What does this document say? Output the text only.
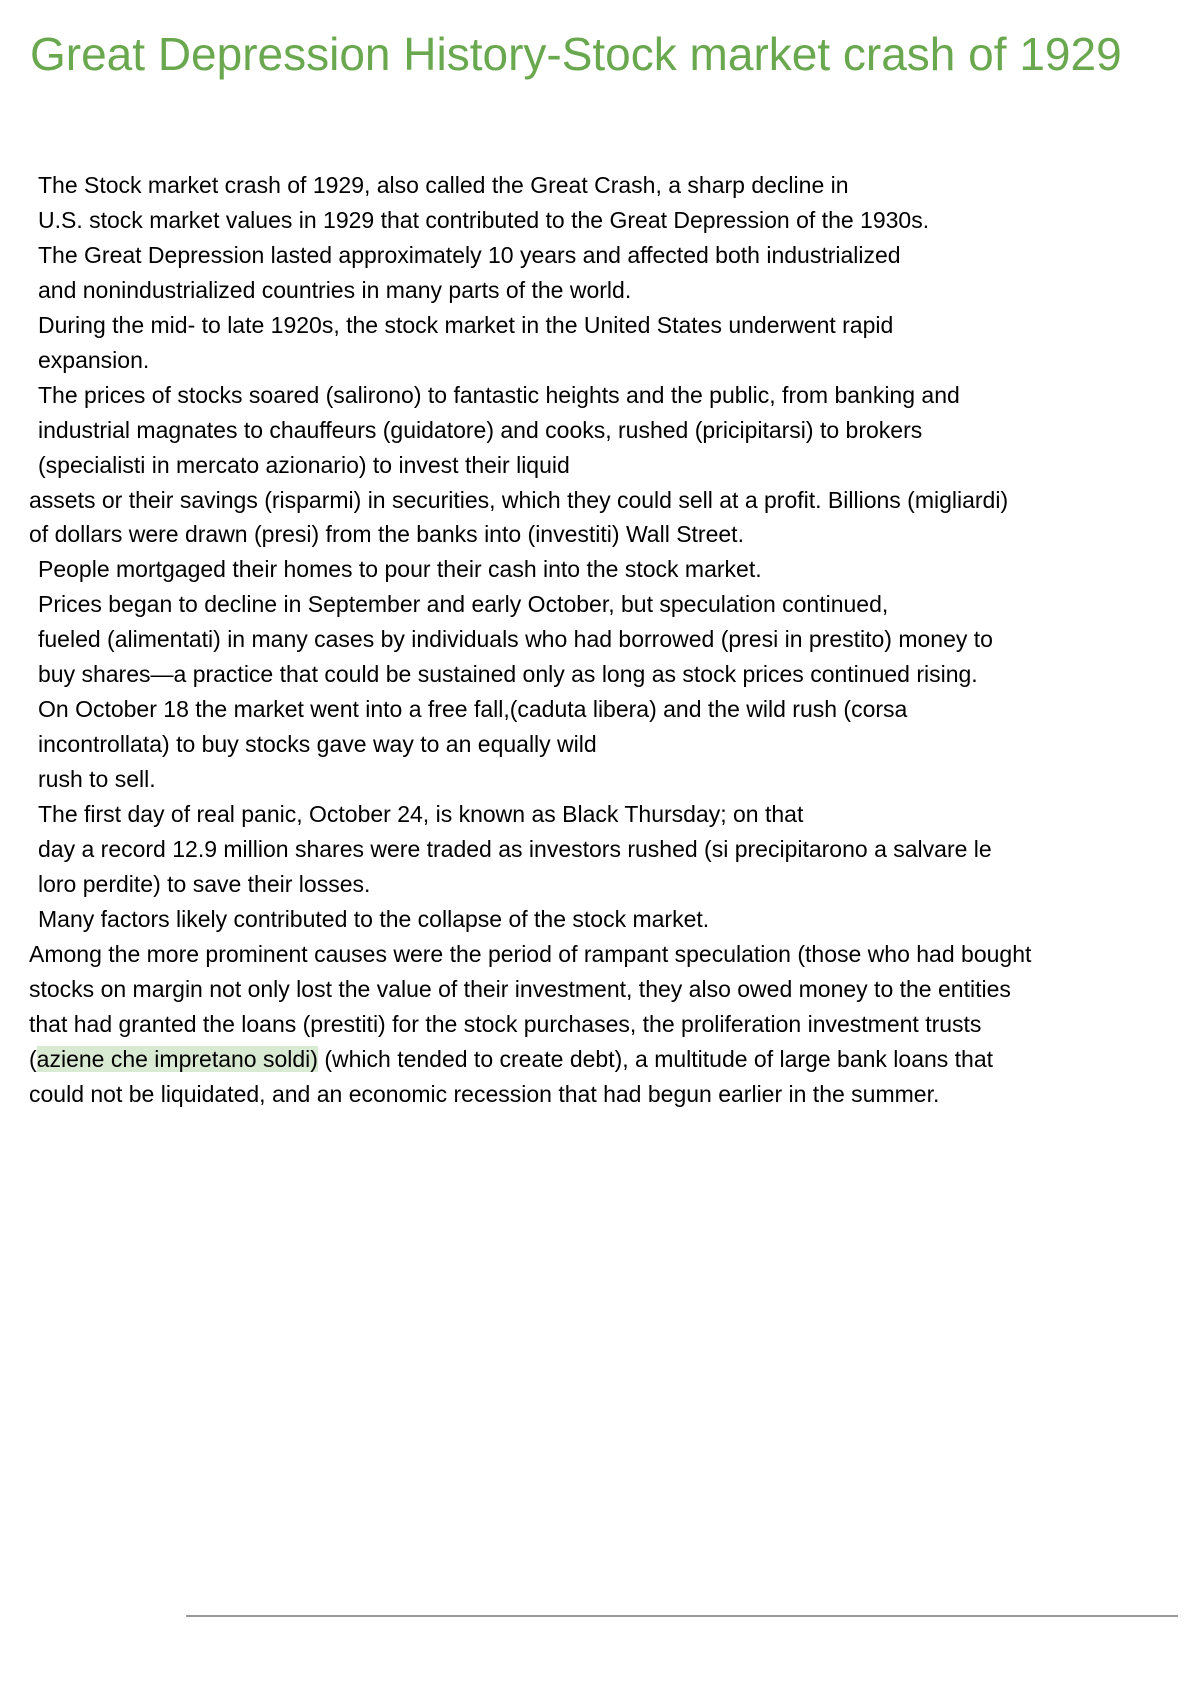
Great Depression History-Stock market crash of 1929
The Stock market crash of 1929, also called the Great Crash, a sharp decline in
U.S. stock market values in 1929 that contributed to the Great Depression of the 1930s.
The Great Depression lasted approximately 10 years and affected both industrialized
and nonindustrialized countries in many parts of the world.
During the mid- to late 1920s, the stock market in the United States underwent rapid
expansion.
The prices of stocks soared (salirono) to fantastic heights and the public, from banking and
industrial magnates to chauffeurs (guidatore) and cooks, rushed (pricipitarsi) to brokers
(specialisti in mercato azionario) to invest their liquid
assets or their savings (risparmi) in securities, which they could sell at a profit. Billions (migliardi)
of dollars were drawn (presi) from the banks into (investiti) Wall Street.
People mortgaged their homes to pour their cash into the stock market.
Prices began to decline in September and early October, but speculation continued,
fueled (alimentati) in many cases by individuals who had borrowed (presi in prestito) money to
buy shares—a practice that could be sustained only as long as stock prices continued rising.
On October 18 the market went into a free fall,(caduta libera) and the wild rush (corsa
incontrollata) to buy stocks gave way to an equally wild
rush to sell.
The first day of real panic, October 24, is known as Black Thursday; on that
day a record 12.9 million shares were traded as investors rushed (si precipitarono a salvare le
loro perdite) to save their losses.
Many factors likely contributed to the collapse of the stock market.
Among the more prominent causes were the period of rampant speculation (those who had bought
stocks on margin not only lost the value of their investment, they also owed money to the entities
that had granted the loans (prestiti) for the stock purchases, the proliferation investment trusts
(aziene che impretano soldi) (which tended to create debt), a multitude of large bank loans that
could not be liquidated, and an economic recession that had begun earlier in the summer.
